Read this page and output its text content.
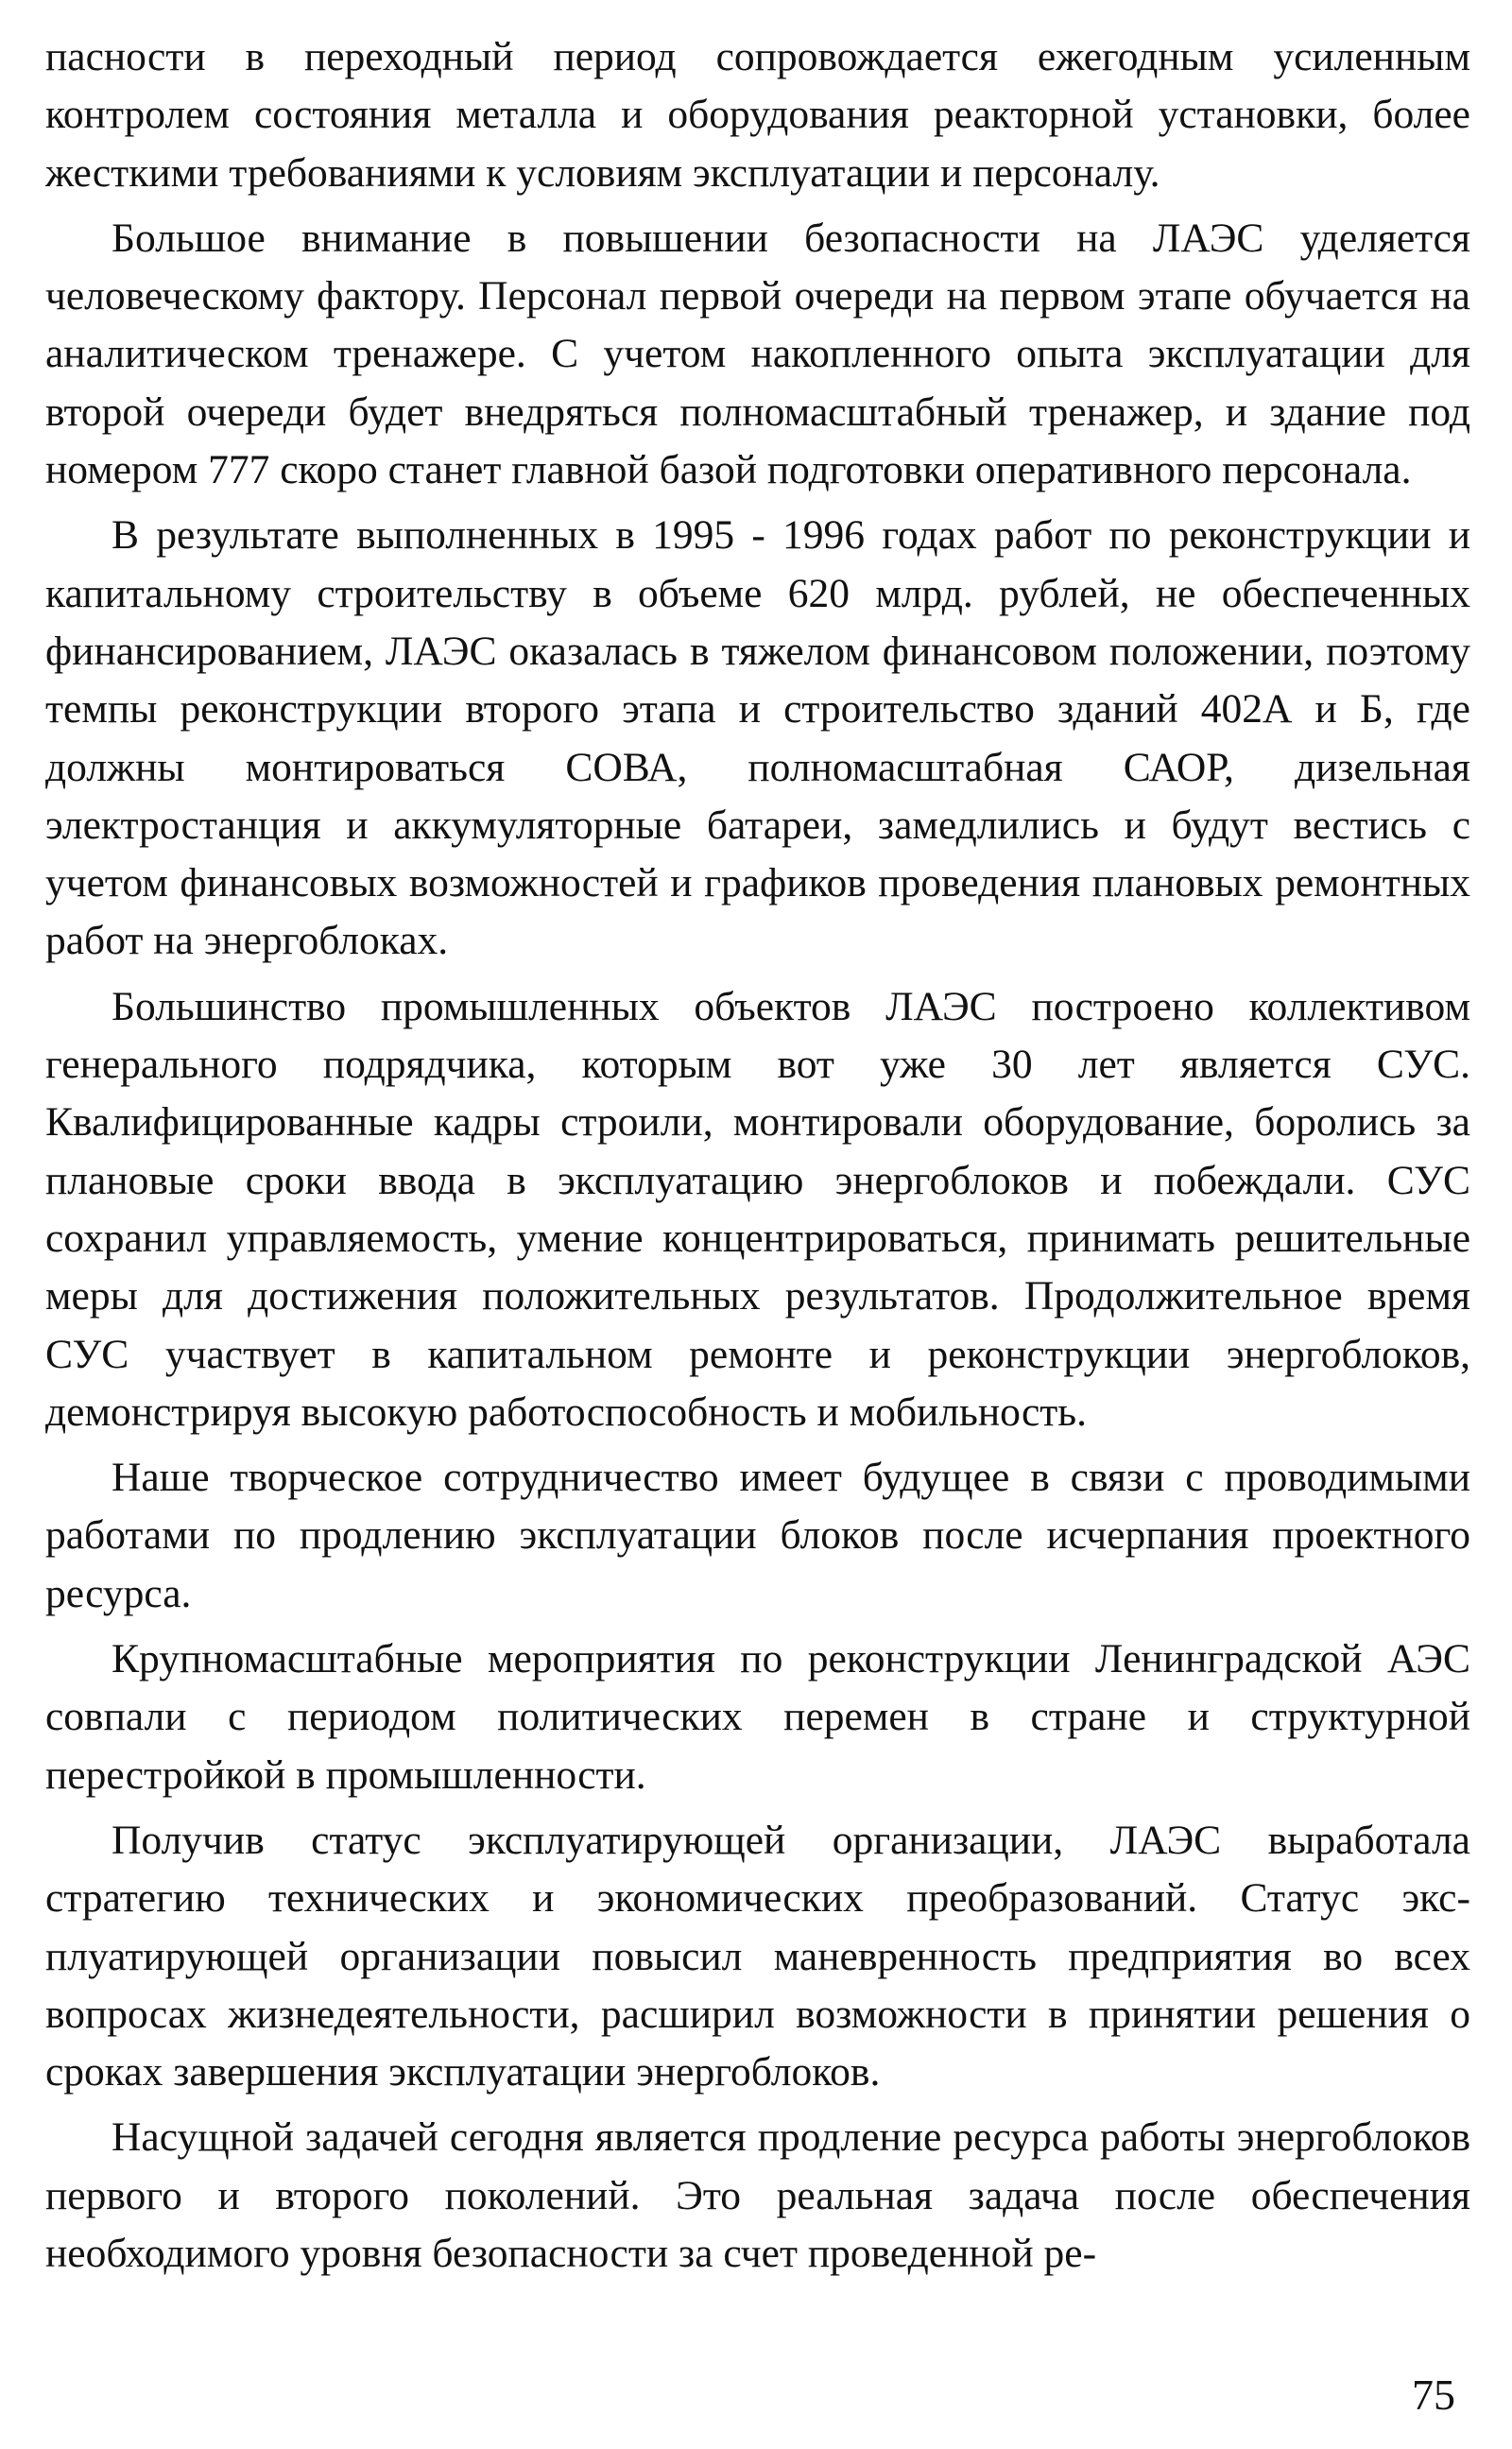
пасности в переходный период сопровождается ежегодным усиленным контролем состояния металла и оборудования реакторной установки, более жесткими требованиями к условиям эксплуатации и персоналу.

Большое внимание в повышении безопасности на ЛАЭС уделяется человеческому фактору. Персонал первой очереди на первом этапе обучается на аналитическом тренажере. С учетом накопленного опыта эксплуатации для второй очереди будет внедряться полномасштабный тренажер, и здание под номером 777 скоро станет главной базой подготовки оперативного персонала.

В результате выполненных в 1995 - 1996 годах работ по реконструкции и капитальному строительству в объеме 620 млрд. рублей, не обеспеченных финансированием, ЛАЭС оказалась в тяжелом финансовом положении, поэтому темпы реконструкции второго этапа и строительство зданий 402А и Б, где должны монтироваться СОВА, полномасштабная САОР, дизельная электростанция и аккумуляторные батареи, замедлились и будут вестись с учетом финансовых возможностей и графиков проведения плановых ремонтных работ на энергоблоках.

Большинство промышленных объектов ЛАЭС построено коллективом генерального подрядчика, которым вот уже 30 лет является СУС. Квалифицированные кадры строили, монтировали оборудование, боролись за плановые сроки ввода в эксплуатацию энергоблоков и побеждали. СУС сохранил управляемость, умение концентрироваться, принимать решительные меры для достижения положительных результатов. Продолжительное время СУС участвует в капитальном ремонте и реконструкции энергоблоков, демонстрируя высокую работоспособность и мобильность.

Наше творческое сотрудничество имеет будущее в связи с проводимыми работами по продлению эксплуатации блоков после исчерпания проектного ресурса.

Крупномасштабные мероприятия по реконструкции Ленинградской АЭС совпали с периодом политических перемен в стране и структурной перестройкой в промышленности.

Получив статус эксплуатирующей организации, ЛАЭС выработала стратегию технических и экономических преобразований. Статус эксплуатирующей организации повысил маневренность предприятия во всех вопросах жизнедеятельности, расширил возможности в принятии решения о сроках завершения эксплуатации энергоблоков.

Насущной задачей сегодня является продление ресурса работы энергоблоков первого и второго поколений. Это реальная задача после обеспечения необходимого уровня безопасности за счет проведенной ре-

75
